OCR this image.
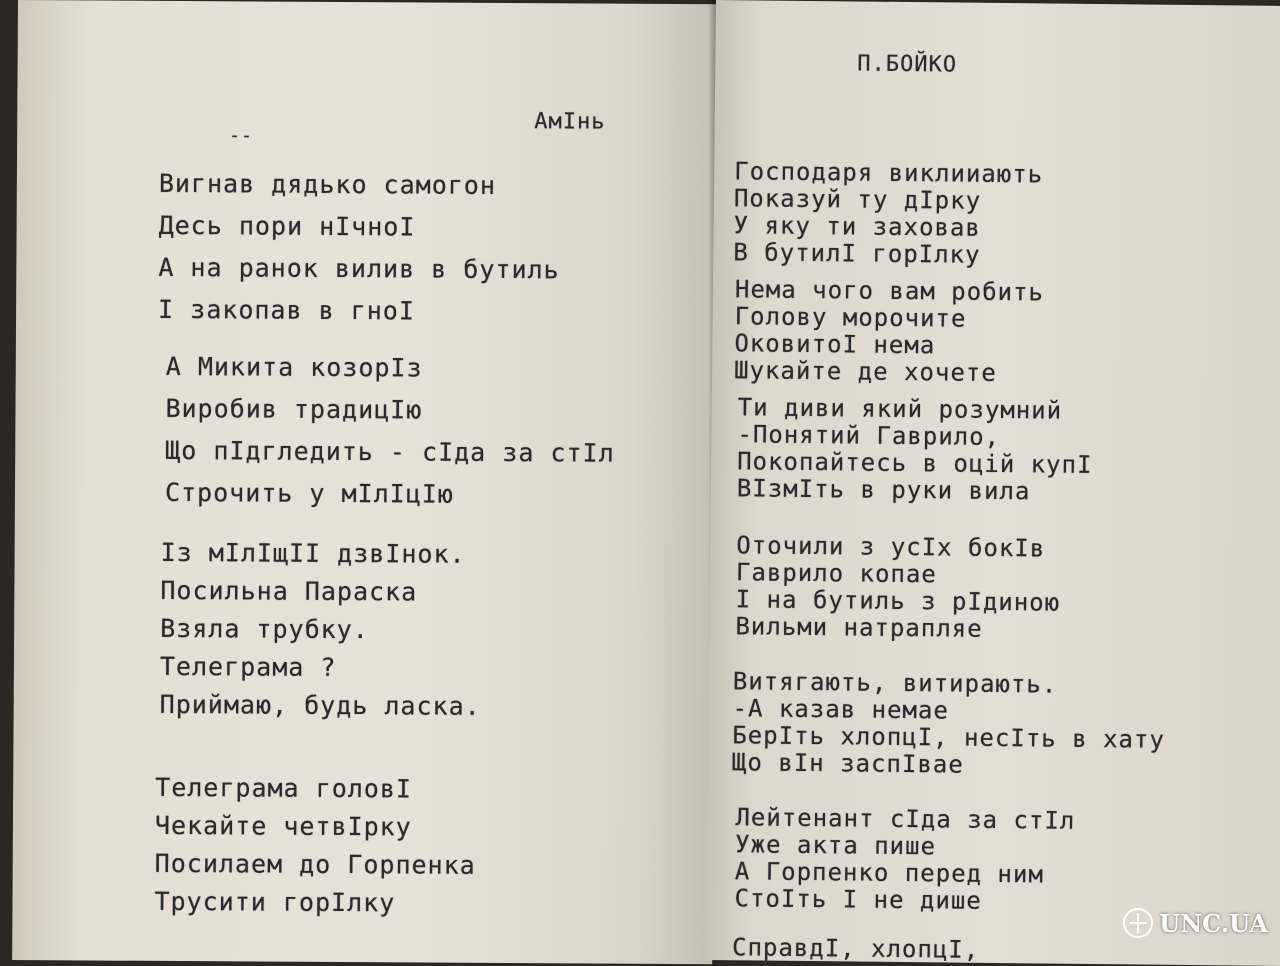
АмІнь
--
Вигнав дядько самогон
Десь пори нІчноI
А на ранок вилив в бутиль
І закопав в гноI
А Микита козорІз
Виробив традицІю
Що пІдгледить - сІда за стІл
Строчить у мІлІцІю
Із мІлІщII дзвІнок.
Посильна Параска
Взяла трубку.
Телеграма ?
Приймаю, будь ласка.
Телеграма головІ
Чекайте четвІрку
Посилаем до Горпенка
Трусити горІлку
П.БОЙКО
Господаря виклииають
Показуй ту дІрку
У яку ти заховав
В бутилІ горІлку
Нема чого вам робить
Голову морочите
ОковитоI нема
Шукайте де хочете
Ти диви який розумний
-Понятий Гаврило,
Покопайтесь в оцій купІ
ВІзмІть в руки вила
Оточили з усІх бокІв
Гаврило копае
І на бутиль з рІдиною
Вильми натрапляе
Витягають, витирають.
-А казав немае
БерІть хлопцІ, несІть в хату
Що вІн заспІвае
Лейтенант сІда за стІл
Уже акта пише
А Горпенко перед ним
СтоІть І не дише
СправдІ, хлопцІ,
UNC.UA
